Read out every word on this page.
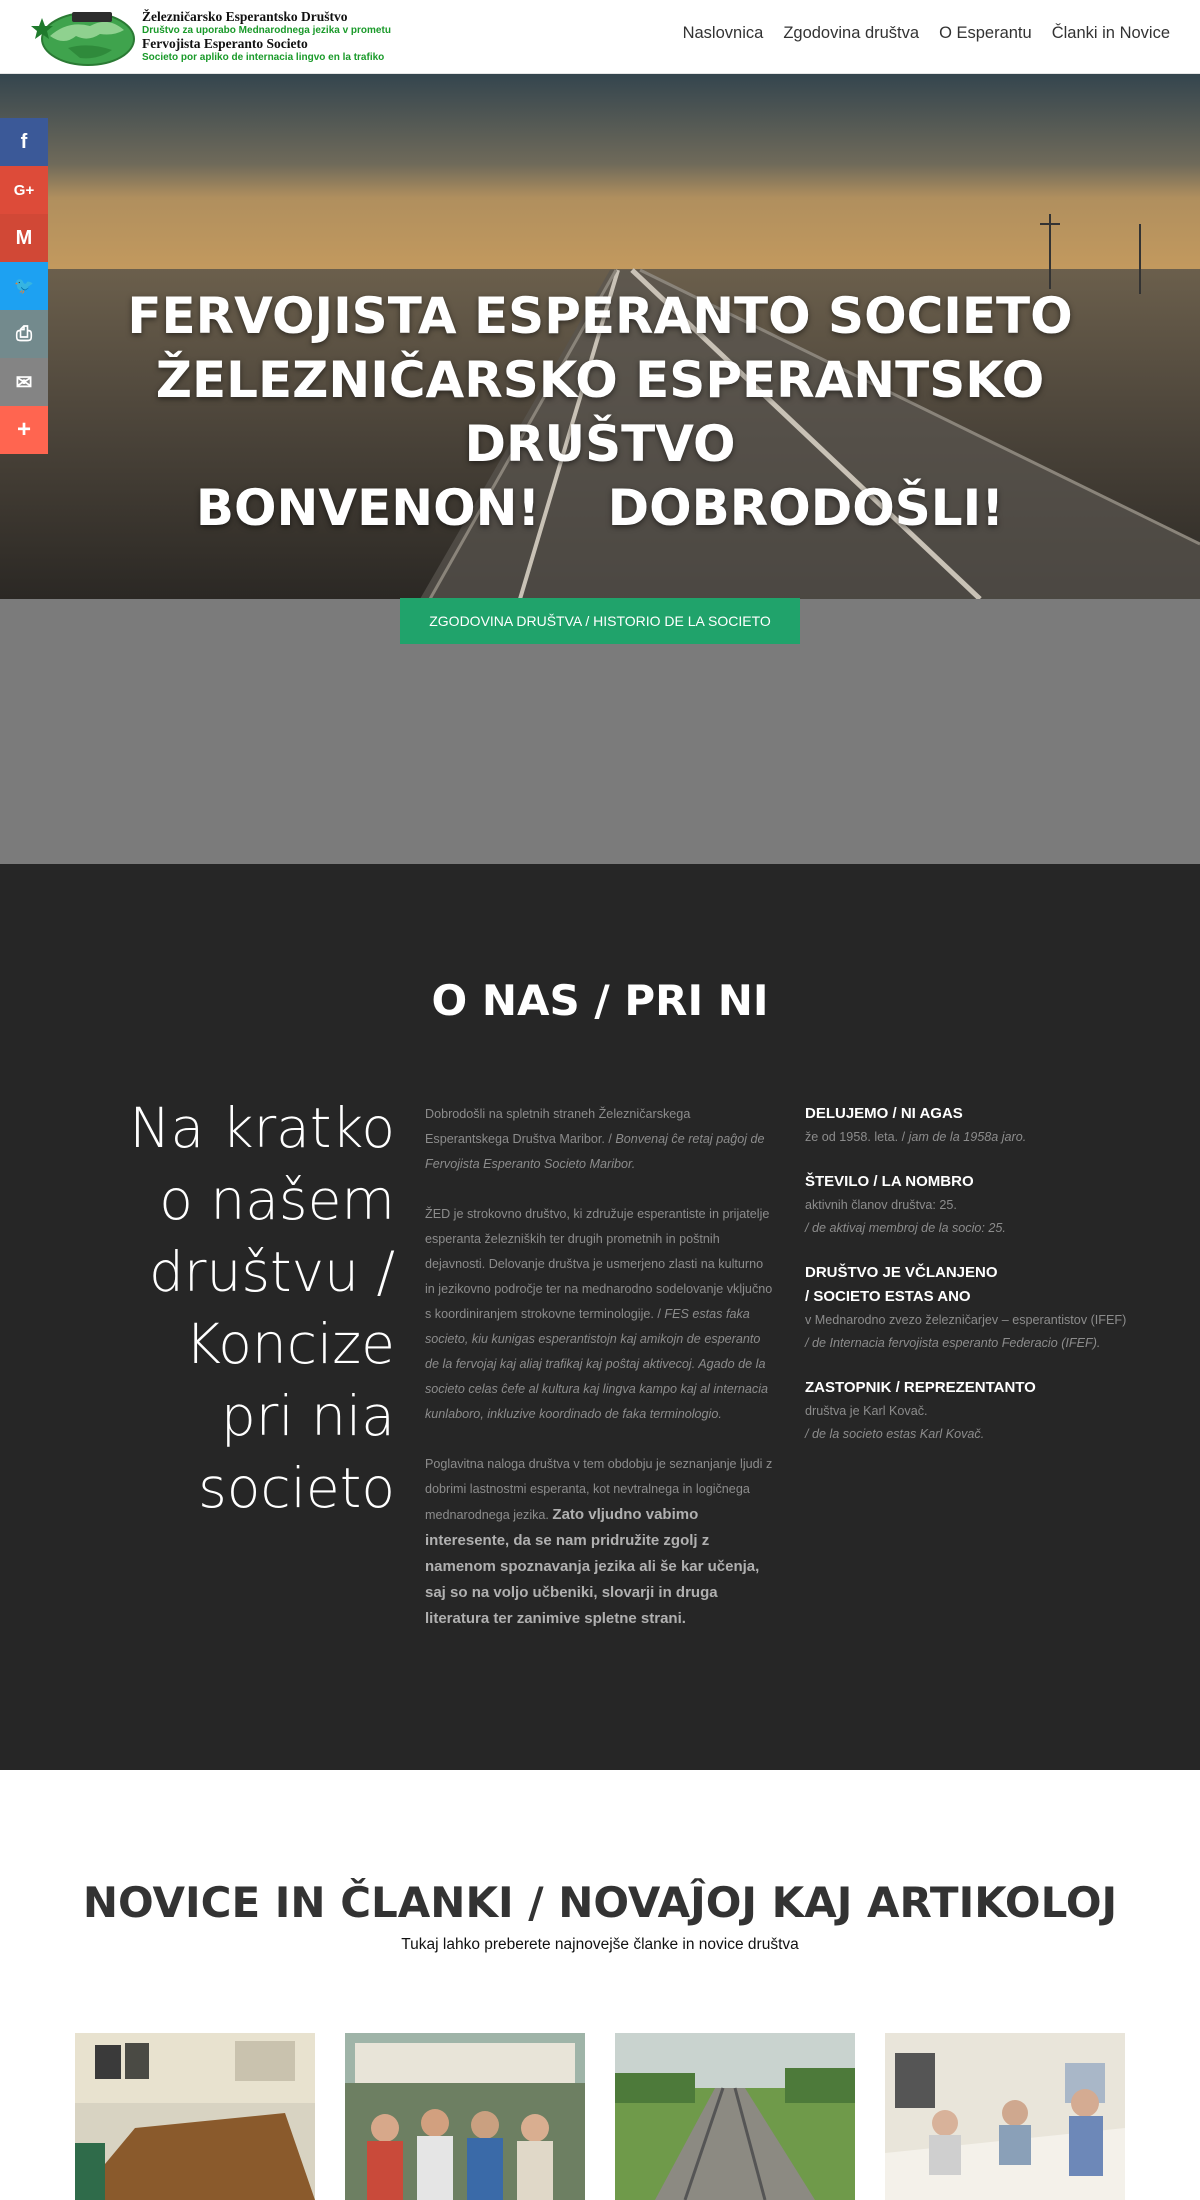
Železničarsko Esperantsko Društvo
Društvo za uporabo Mednarodnega jezika v prometu
Fervojista Esperanto Societo
Societo por apliko de internacia lingvo en la trafiko
Naslovnica Zgodovina društva O Esperantu Članki in Novice
FERVOJISTA ESPERANTO SOCIETO
ŽELEZNIČARSKO ESPERANTSKO
DRUŠTVO
BONVENON! DOBRODOŠLI!
ZGODOVINA DRUŠTVA / HISTORIO DE LA SOCIETO
f
G+
M
🐦
⎙
✉
+
O NAS / PRI NI
Na kratko
o našem
društvu /
Koncize
pri nia
societo

Dobrodošli na spletnih straneh Železničarskega Esperantskega Društva Maribor. / Bonvenaj ĉe retaj paĝoj de Fervojista Esperanto Societo Maribor.

ŽED je strokovno društvo, ki združuje esperantiste in prijatelje esperanta železniških ter drugih prometnih in poštnih dejavnosti. Delovanje društva je usmerjeno zlasti na kulturno in jezikovno področje ter na mednarodno sodelovanje vključno s koordiniranjem strokovne terminologije. / FES estas faka societo, kiu kunigas esperantistojn kaj amikojn de esperanto de la fervojaj kaj aliaj trafikaj kaj poŝtaj aktivecoj. Agado de la societo celas ĉefe al kultura kaj lingva kampo kaj al internacia kunlaboro, inkluzive koordinado de faka terminologio.

Poglavitna naloga društva v tem obdobju je seznanjanje ljudi z dobrimi lastnostmi esperanta, kot nevtralnega in logičnega mednarodnega jezika. Zato vljudno vabimo interesente, da se nam pridružite zgolj z namenom spoznavanja jezika ali še kar učenja, saj so na voljo učbeniki, slovarji in druga literatura ter zanimive spletne strani.

DELUJEMO / NI AGAS

že od 1958. leta. / jam de la 1958a jaro.

ŠTEVILO / LA NOMBRO

aktivnih članov društva: 25.

/ de aktivaj membroj de la socio: 25.

DRUŠTVO JE VČLANJENO
/ SOCIETO ESTAS ANO

v Mednarodno zvezo železničarjev – esperantistov (IFEF)

/ de Internacia fervojista esperanto Federacio (IFEF).

ZASTOPNIK / REPREZENTANTO

društva je Karl Kovač.

/ de la societo estas Karl Kovač.

NOVICE IN ČLANKI / NOVAĴOJ KAJ ARTIKOLOJ
Tukaj lahko preberete najnovejše članke in novice društva
